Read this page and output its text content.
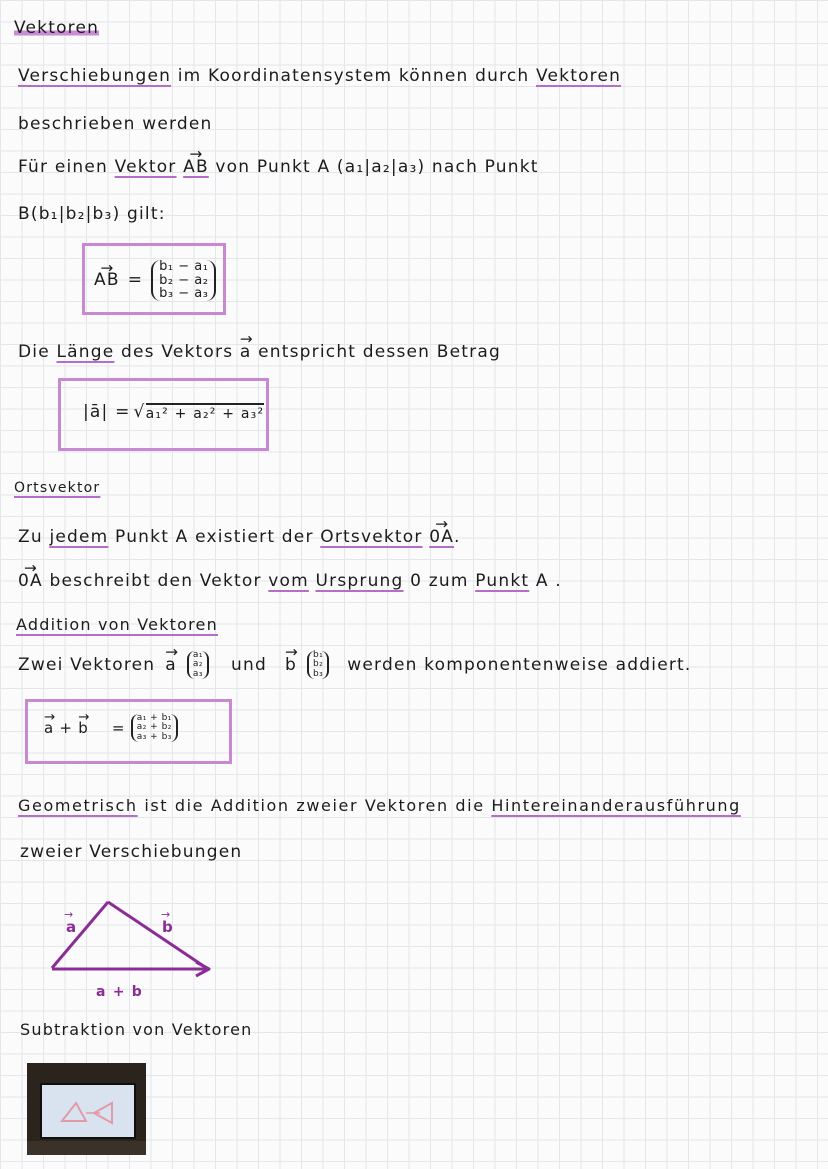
Vektoren
Verschiebungen im Koordinatensystem können durch Vektoren
beschrieben werden
Für einen Vektor → AB von Punkt A (a₁|a₂|a₃) nach Punkt
B(b₁|b₂|b₃) gilt:
→ AB =
b₁ − a₁
b₂ − a₂
b₃ − a₃
Die Länge des Vektors → a entspricht dessen Betrag
|ā| = √ a₁² + a₂² + a₃²
Ortsvektor
Zu jedem Punkt A existiert der Ortsvektor → 0A.
→ 0A beschreibt den Vektor vom Ursprung 0 zum Punkt A .
Addition von Vektoren
Zwei Vektoren → a
a₁
a₂
a₃ und → b
b₁
b₂
b₃ werden komponentenweise addiert.
→ a + → b =
a₁ + b₁
a₂ + b₂
a₃ + b₃
Geometrisch ist die Addition zweier Vektoren die Hintereinanderausführung
zweier Verschiebungen
a
→
b
→
a + b
Subtraktion von Vektoren
